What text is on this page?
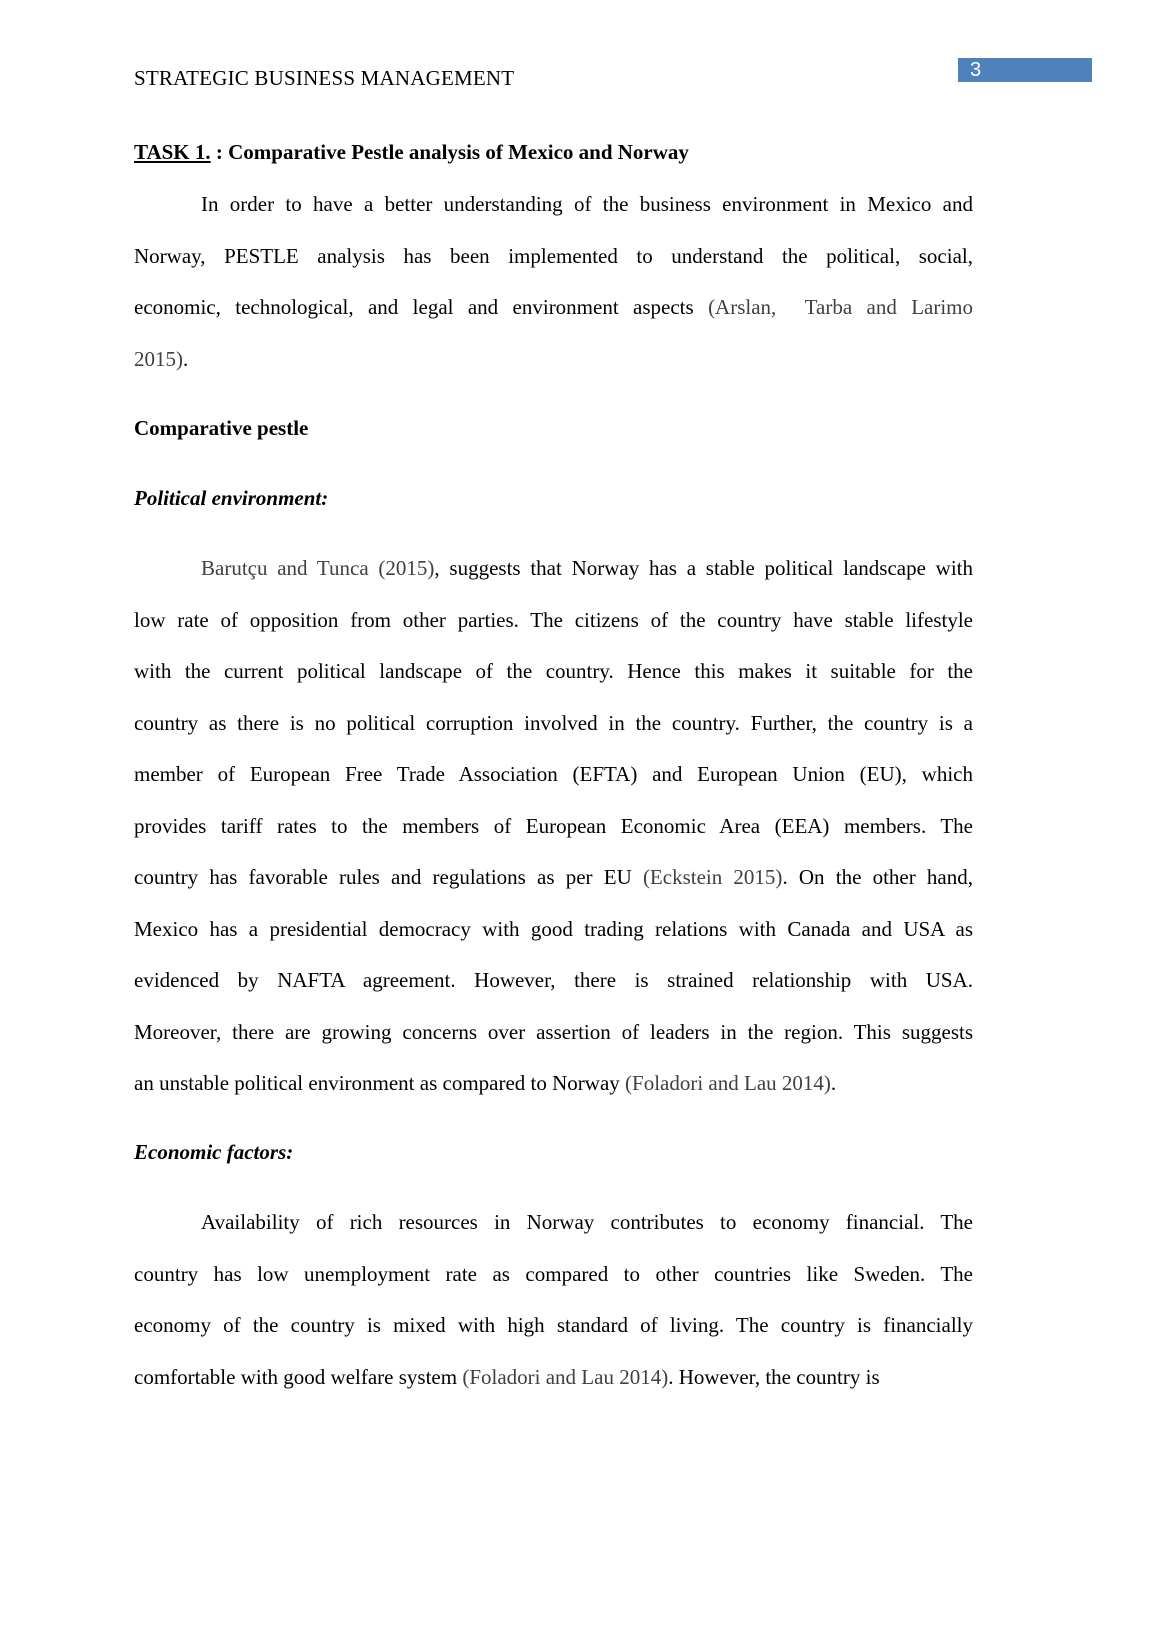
STRATEGIC BUSINESS MANAGEMENT	3
TASK 1. : Comparative Pestle analysis of Mexico and Norway
In order to have a better understanding of the business environment in Mexico and
Norway, PESTLE analysis has been implemented to understand the political, social,
economic, technological, and legal and environment aspects (Arslan,  Tarba and Larimo
2015).
Comparative pestle
Political environment:
Barutçu and Tunca (2015), suggests that Norway has a stable political landscape with
low rate of opposition from other parties. The citizens of the country have stable lifestyle
with the current political landscape of the country. Hence this makes it suitable for the
country as there is no political corruption involved in the country. Further, the country is a
member of European Free Trade Association (EFTA) and European Union (EU), which
provides tariff rates to the members of European Economic Area (EEA) members. The
country has favorable rules and regulations as per EU (Eckstein 2015). On the other hand,
Mexico has a presidential democracy with good trading relations with Canada and USA as
evidenced by NAFTA agreement. However, there is strained relationship with USA.
Moreover, there are growing concerns over assertion of leaders in the region. This suggests
an unstable political environment as compared to Norway (Foladori and Lau 2014).
Economic factors:
Availability of rich resources in Norway contributes to economy financial. The
country has low unemployment rate as compared to other countries like Sweden. The
economy of the country is mixed with high standard of living. The country is financially
comfortable with good welfare system (Foladori and Lau 2014). However, the country is
